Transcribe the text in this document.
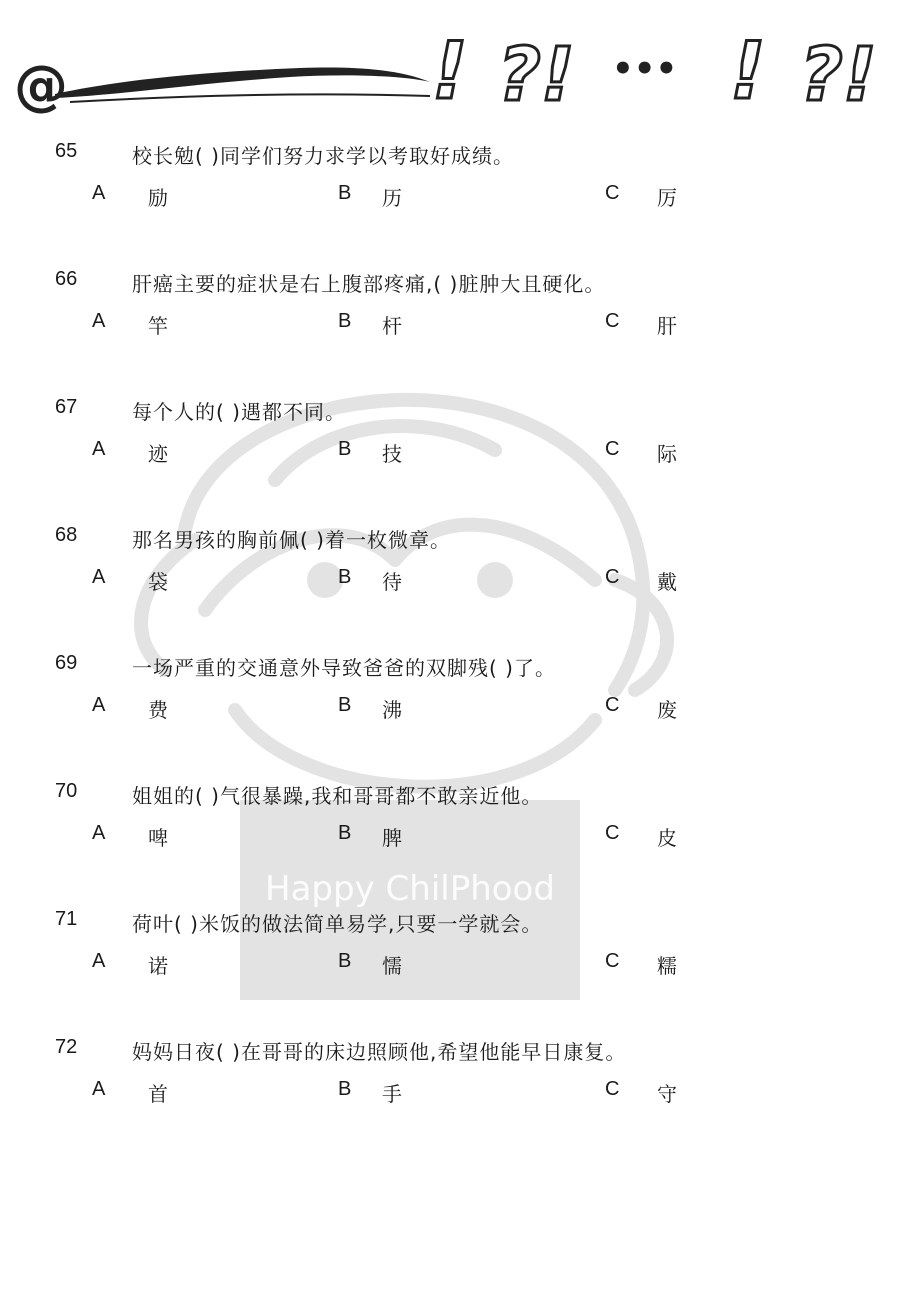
@	! ?! ! ?!
•••
Happy ChilPhood
65	校长勉( )同学们努力求学以考取好成绩。
A 励	B 历	C 厉
66	肝癌主要的症状是右上腹部疼痛,( )脏肿大且硬化。
A 竿	B 杆	C 肝
67	每个人的( )遇都不同。
A 迹	B 技	C 际
68	那名男孩的胸前佩( )着一枚微章。
A 袋	B 待	C 戴
69	一场严重的交通意外导致爸爸的双脚残( )了。
A 费	B 沸	C 废
70	姐姐的( )气很暴躁,我和哥哥都不敢亲近他。
A 啤	B 脾	C 皮
71	荷叶( )米饭的做法简单易学,只要一学就会。
A 诺	B 懦	C 糯
72	妈妈日夜( )在哥哥的床边照顾他,希望他能早日康复。
A 首	B 手	C 守
